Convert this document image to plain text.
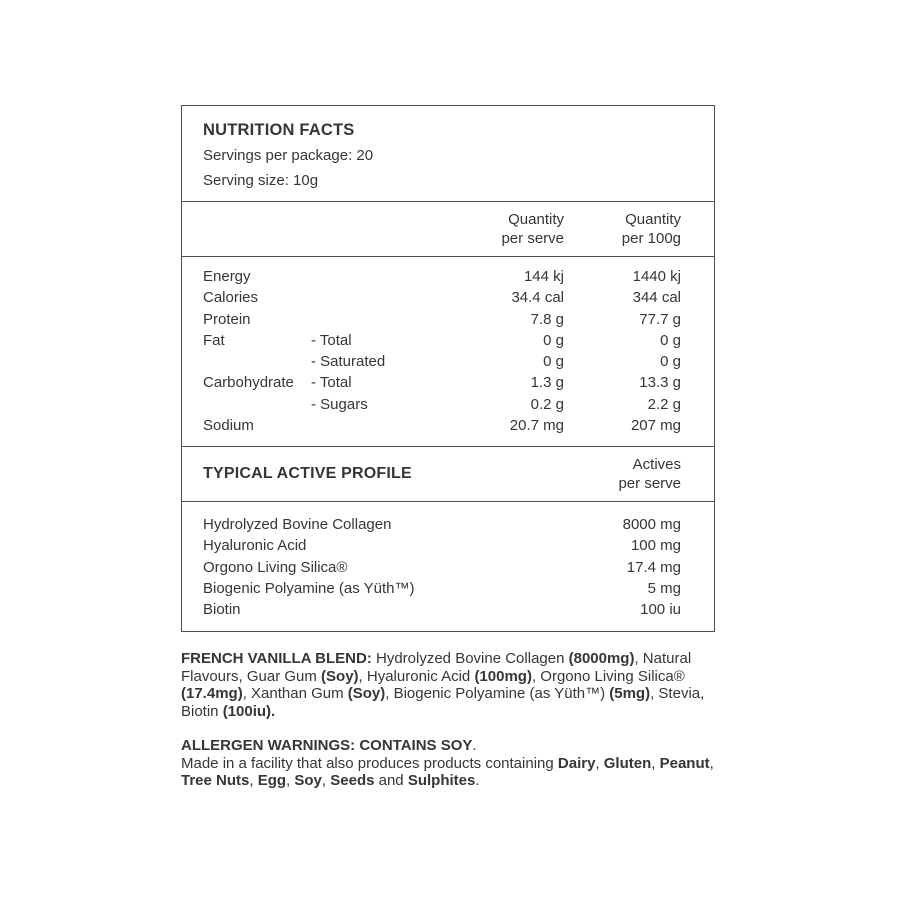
NUTRITION FACTS
Servings per package: 20
Serving size: 10g
Quantity
per serve
Quantity
per 100g
Energy	144 kj	1440 kj
Calories	34.4 cal	344 cal
Protein	7.8 g	77.7 g
Fat	- Total	0 g	0 g
- Saturated	0 g	0 g
Carbohydrate	- Total	1.3 g	13.3 g
- Sugars	0.2 g	2.2 g
Sodium	20.7 mg	207 mg
TYPICAL ACTIVE PROFILE
Actives
per serve
Hydrolyzed Bovine Collagen	8000 mg
Hyaluronic Acid	100 mg
Orgono Living Silica®	17.4 mg
Biogenic Polyamine (as Yüth™)	5 mg
Biotin	100 iu
FRENCH VANILLA BLEND: Hydrolyzed Bovine Collagen (8000mg), Natural Flavours, Guar Gum (Soy), Hyaluronic Acid (100mg), Orgono Living Silica® (17.4mg), Xanthan Gum (Soy), Biogenic Polyamine (as Yüth™) (5mg), Stevia, Biotin (100iu).
ALLERGEN WARNINGS: CONTAINS SOY.
Made in a facility that also produces products containing Dairy, Gluten, Peanut, Tree Nuts, Egg, Soy, Seeds and Sulphites.
